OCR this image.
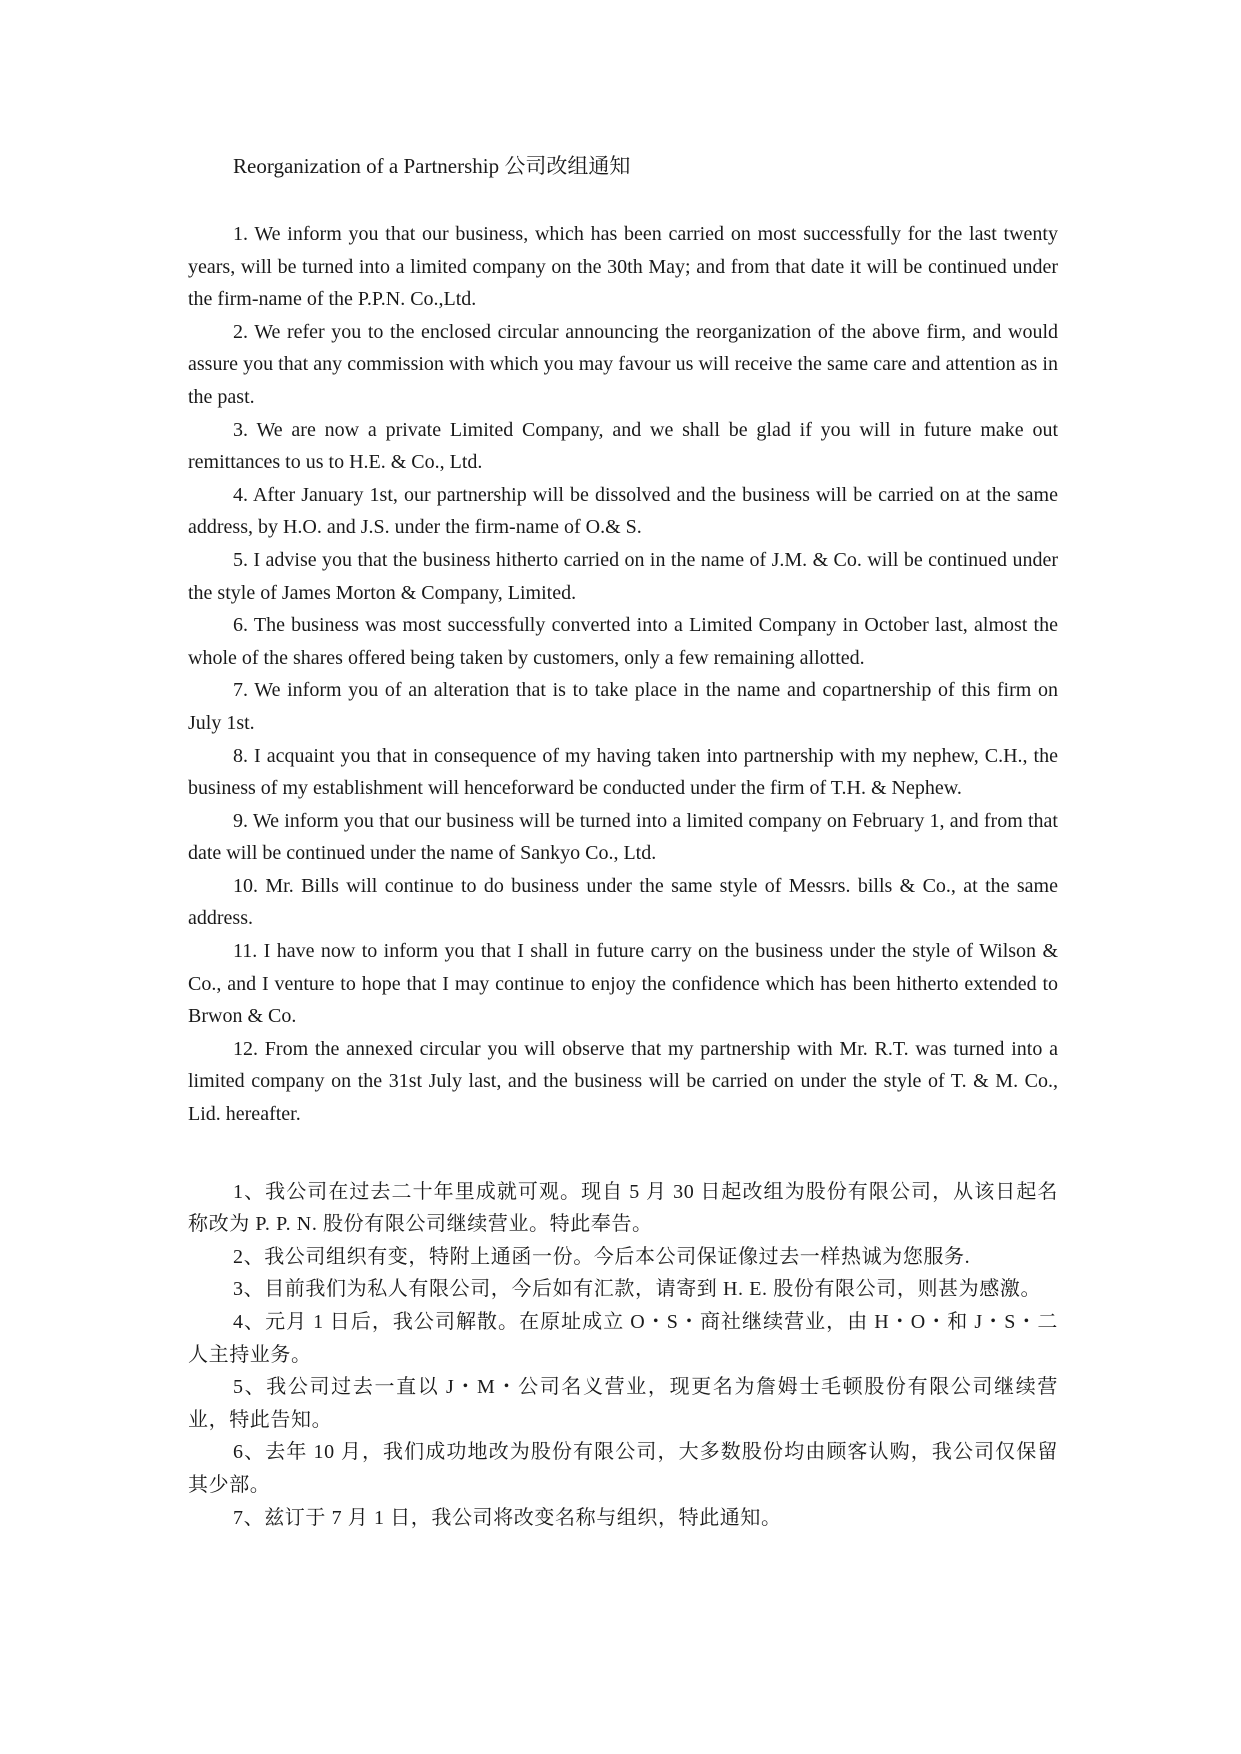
Reorganization of a Partnership 公司改组通知

1. We inform you that our business, which has been carried on most successfully for the last twenty years, will be turned into a limited company on the 30th May; and from that date it will be continued under the firm-name of the P.P.N. Co.,Ltd.

2. We refer you to the enclosed circular announcing the reorganization of the above firm, and would assure you that any commission with which you may favour us will receive the same care and attention as in the past.

3. We are now a private Limited Company, and we shall be glad if you will in future make out remittances to us to H.E. & Co., Ltd.

4. After January 1st, our partnership will be dissolved and the business will be carried on at the same address, by H.O. and J.S. under the firm-name of O.& S.

5. I advise you that the business hitherto carried on in the name of J.M. & Co. will be continued under the style of James Morton & Company, Limited.

6. The business was most successfully converted into a Limited Company in October last, almost the whole of the shares offered being taken by customers, only a few remaining allotted.

7. We inform you of an alteration that is to take place in the name and copartnership of this firm on July 1st.

8. I acquaint you that in consequence of my having taken into partnership with my nephew, C.H., the business of my establishment will henceforward be conducted under the firm of T.H. & Nephew.

9. We inform you that our business will be turned into a limited company on February 1, and from that date will be continued under the name of Sankyo Co., Ltd.

10. Mr. Bills will continue to do business under the same style of Messrs. bills & Co., at the same address.

11. I have now to inform you that I shall in future carry on the business under the style of Wilson & Co., and I venture to hope that I may continue to enjoy the confidence which has been hitherto extended to Brwon & Co.

12. From the annexed circular you will observe that my partnership with Mr. R.T. was turned into a limited company on the 31st July last, and the business will be carried on under the style of T. & M. Co., Lid. hereafter.

1、我公司在过去二十年里成就可观。现自 5 月 30 日起改组为股份有限公司，从该日起名称改为 P. P. N. 股份有限公司继续营业。特此奉告。

2、我公司组织有变，特附上通函一份。今后本公司保证像过去一样热诚为您服务.

3、目前我们为私人有限公司，今后如有汇款，请寄到 H. E. 股份有限公司，则甚为感激。

4、元月 1 日后，我公司解散。在原址成立 O・S・商社继续营业，由 H・O・和 J・S・二人主持业务。

5、我公司过去一直以 J・M・公司名义营业，现更名为詹姆士毛顿股份有限公司继续营业，特此告知。

6、去年 10 月，我们成功地改为股份有限公司，大多数股份均由顾客认购，我公司仅保留其少部。

7、兹订于 7 月 1 日，我公司将改变名称与组织，特此通知。
